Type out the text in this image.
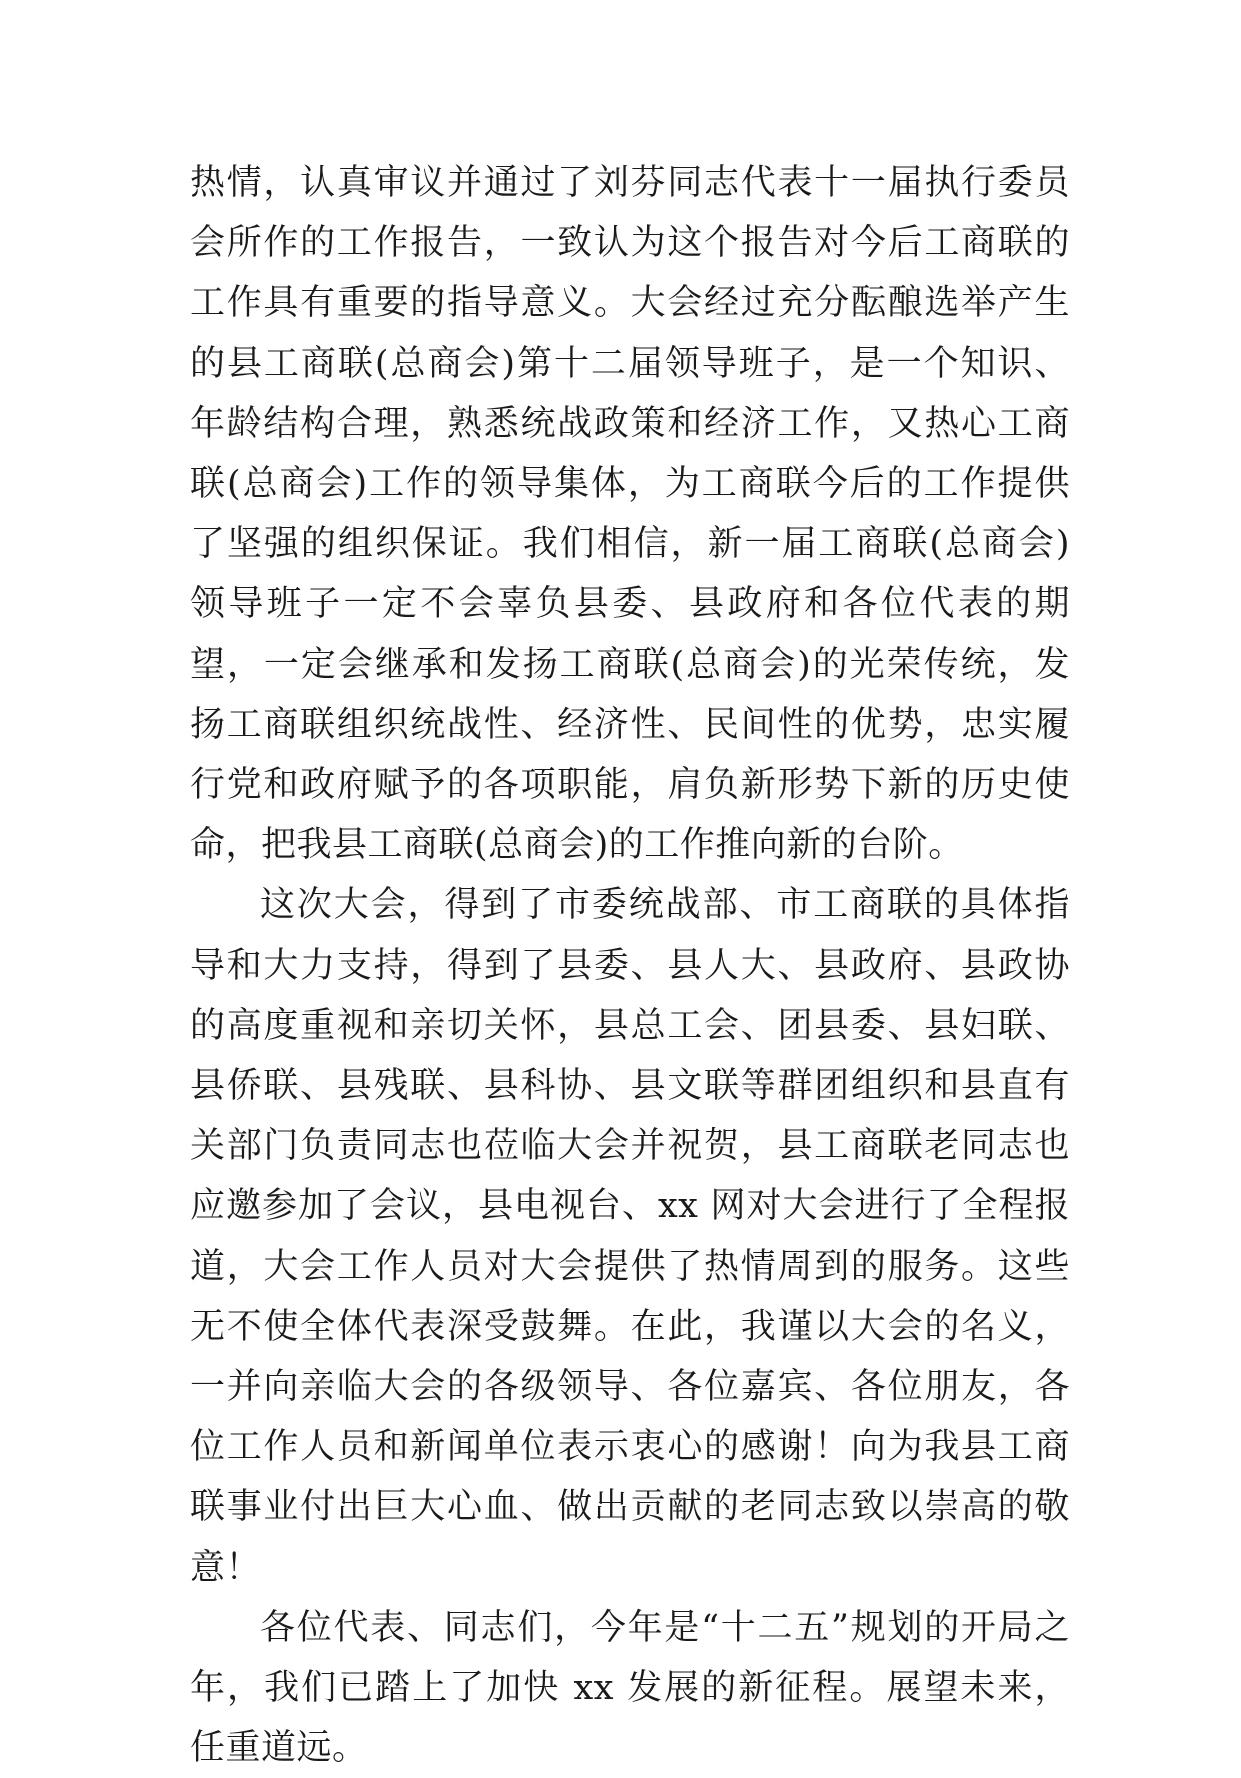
热情，认真审议并通过了刘芬同志代表十一届执行委员会所作的工作报告，一致认为这个报告对今后工商联的工作具有重要的指导意义。大会经过充分酝酿选举产生的县工商联(总商会)第十二届领导班子，是一个知识、年龄结构合理，熟悉统战政策和经济工作，又热心工商联(总商会)工作的领导集体，为工商联今后的工作提供了坚强的组织保证。我们相信，新一届工商联(总商会)领导班子一定不会辜负县委、县政府和各位代表的期望，一定会继承和发扬工商联(总商会)的光荣传统，发扬工商联组织统战性、经济性、民间性的优势，忠实履行党和政府赋予的各项职能，肩负新形势下新的历史使命，把我县工商联(总商会)的工作推向新的台阶。

这次大会，得到了市委统战部、市工商联的具体指导和大力支持，得到了县委、县人大、县政府、县政协的高度重视和亲切关怀，县总工会、团县委、县妇联、县侨联、县残联、县科协、县文联等群团组织和县直有关部门负责同志也莅临大会并祝贺，县工商联老同志也应邀参加了会议，县电视台、xx 网对大会进行了全程报道，大会工作人员对大会提供了热情周到的服务。这些无不使全体代表深受鼓舞。在此，我谨以大会的名义，一并向亲临大会的各级领导、各位嘉宾、各位朋友，各位工作人员和新闻单位表示衷心的感谢！向为我县工商联事业付出巨大心血、做出贡献的老同志致以崇高的敬意！

各位代表、同志们，今年是“十二五”规划的开局之年，我们已踏上了加快 xx 发展的新征程。展望未来，任重道远。
